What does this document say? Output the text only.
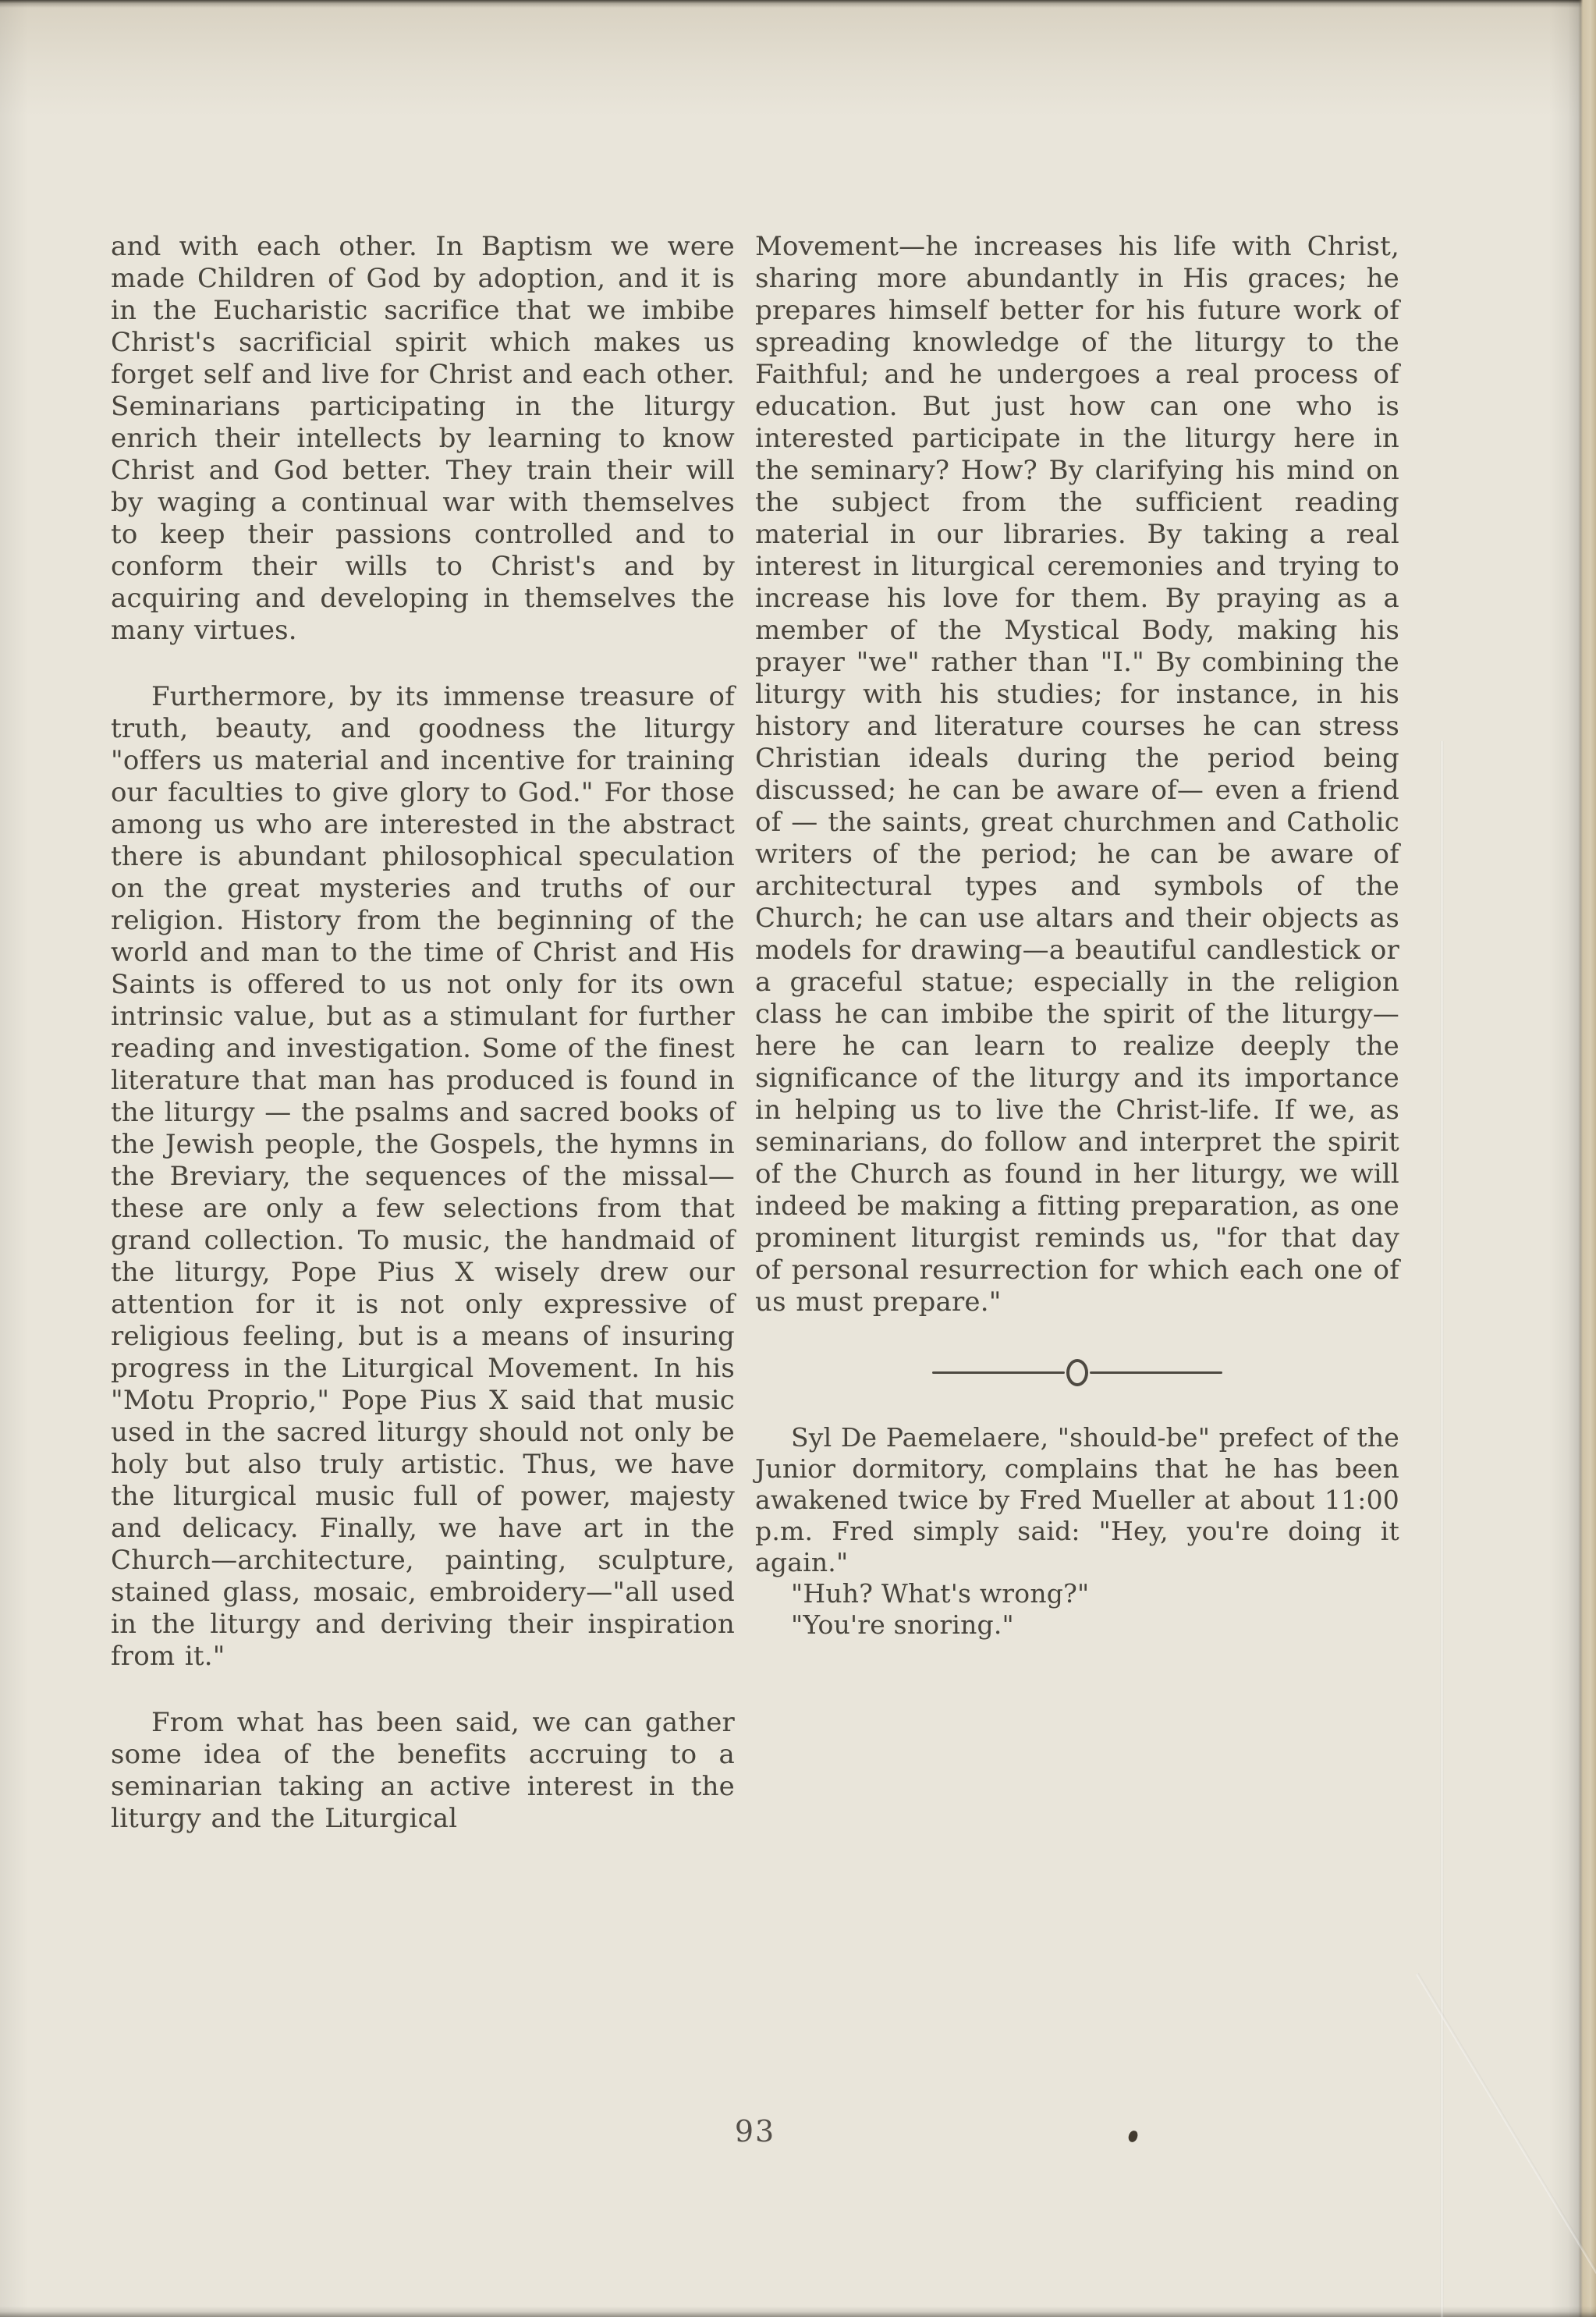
and with each other. In Baptism we were made Children of God by adoption, and it is in the Eucharistic sacrifice that we imbibe Christ's sacrificial spirit which makes us forget self and live for Christ and each other. Seminarians participating in the liturgy enrich their intellects by learning to know Christ and God better. They train their will by waging a continual war with themselves to keep their passions controlled and to conform their wills to Christ's and by acquiring and developing in themselves the many virtues.

Furthermore, by its immense treasure of truth, beauty, and goodness the liturgy "offers us material and incentive for training our faculties to give glory to God." For those among us who are interested in the abstract there is abundant philosophical speculation on the great mysteries and truths of our religion. History from the beginning of the world and man to the time of Christ and His Saints is offered to us not only for its own intrinsic value, but as a stimulant for further reading and investigation. Some of the finest literature that man has produced is found in the liturgy — the psalms and sacred books of the Jewish people, the Gospels, the hymns in the Breviary, the sequences of the missal—these are only a few selections from that grand collection. To music, the handmaid of the liturgy, Pope Pius X wisely drew our attention for it is not only expressive of religious feeling, but is a means of insuring progress in the Liturgical Movement. In his "Motu Proprio," Pope Pius X said that music used in the sacred liturgy should not only be holy but also truly artistic. Thus, we have the liturgical music full of power, majesty and delicacy. Finally, we have art in the Church—architecture, painting, sculpture, stained glass, mosaic, embroidery—"all used in the liturgy and deriving their inspiration from it."

From what has been said, we can gather some idea of the benefits accruing to a seminarian taking an active interest in the liturgy and the Liturgical

Movement—he increases his life with Christ, sharing more abundantly in His graces; he prepares himself better for his future work of spreading knowledge of the liturgy to the Faithful; and he undergoes a real process of education. But just how can one who is interested participate in the liturgy here in the seminary? How? By clarifying his mind on the subject from the sufficient reading material in our libraries. By taking a real interest in liturgical ceremonies and trying to increase his love for them. By praying as a member of the Mystical Body, making his prayer "we" rather than "I." By combining the liturgy with his studies; for instance, in his history and literature courses he can stress Christian ideals during the period being discussed; he can be aware of— even a friend of — the saints, great churchmen and Catholic writers of the period; he can be aware of architectural types and symbols of the Church; he can use altars and their objects as models for drawing—a beautiful candlestick or a graceful statue; especially in the religion class he can imbibe the spirit of the liturgy—here he can learn to realize deeply the significance of the liturgy and its importance in helping us to live the Christ-life. If we, as seminarians, do follow and interpret the spirit of the Church as found in her liturgy, we will indeed be making a fitting preparation, as one prominent liturgist reminds us, "for that day of personal resurrection for which each one of us must prepare."

Syl De Paemelaere, "should-be" prefect of the Junior dormitory, complains that he has been awakened twice by Fred Mueller at about 11:00 p.m. Fred simply said: "Hey, you're doing it again."

"Huh? What's wrong?"

"You're snoring."

93
